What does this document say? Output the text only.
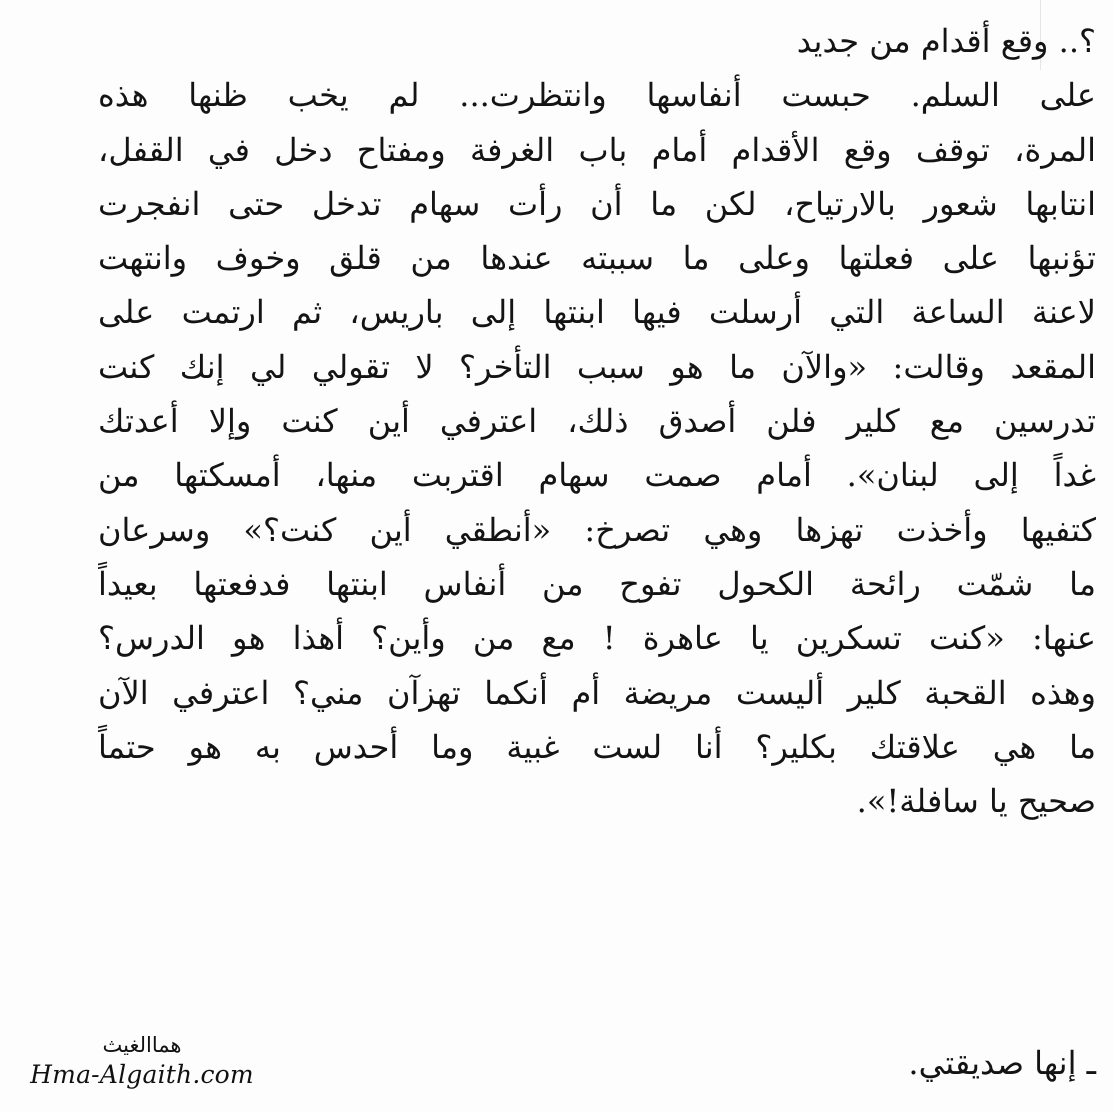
؟.. وقع أقدام من جديد
على السلم. حبست أنفاسها وانتظرت... لم يخب ظنها هذه
المرة، توقف وقع الأقدام أمام باب الغرفة ومفتاح دخل في القفل،
انتابها شعور بالارتياح، لكن ما أن رأت سهام تدخل حتى انفجرت
تؤنبها على فعلتها وعلى ما سببته عندها من قلق وخوف وانتهت
لاعنة الساعة التي أرسلت فيها ابنتها إلى باريس، ثم ارتمت على
المقعد وقالت: «والآن ما هو سبب التأخر؟ لا تقولي لي إنك كنت
تدرسين مع كلير فلن أصدق ذلك، اعترفي أين كنت وإلا أعدتك
غداً إلى لبنان». أمام صمت سهام اقتربت منها، أمسكتها من
كتفيها وأخذت تهزها وهي تصرخ: «أنطقي أين كنت؟» وسرعان
ما شمّت رائحة الكحول تفوح من أنفاس ابنتها فدفعتها بعيداً
عنها: «كنت تسكرين يا عاهرة ! مع من وأين؟ أهذا هو الدرس؟
وهذه القحبة كلير أليست مريضة أم أنكما تهزآن مني؟ اعترفي الآن
ما هي علاقتك بكلير؟ أنا لست غبية وما أحدس به هو حتماً
صحيح يا سافلة!».
ـ إنها صديقتي.
هماالغيث
Hma-Algaith.com
